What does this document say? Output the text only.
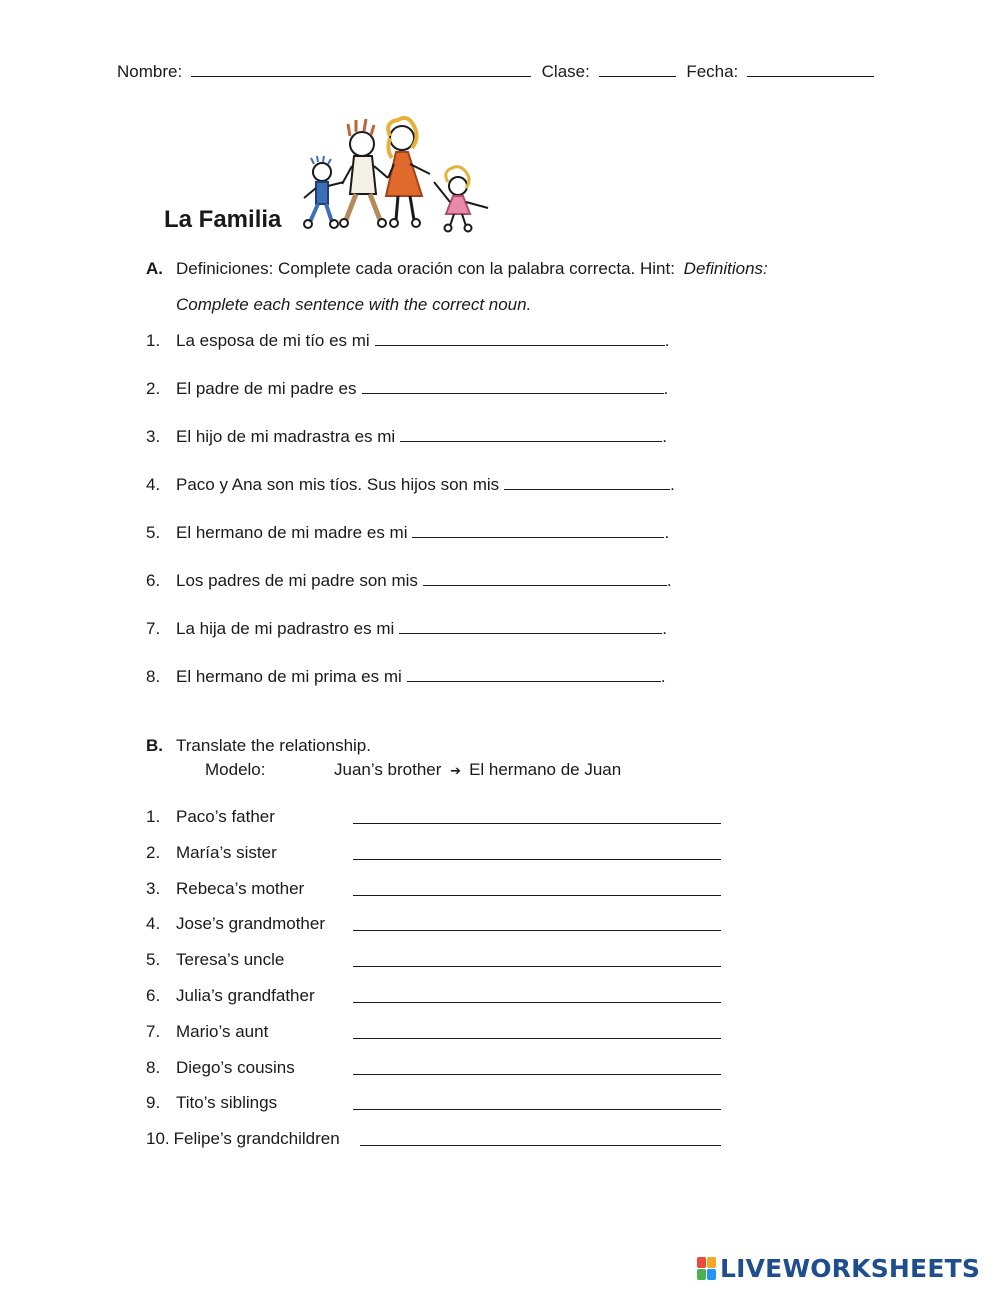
Nombre:	Clase:	Fecha:
La Familia
A. Definiciones: Complete cada oración con la palabra correcta. Hint: Definitions:
Complete each sentence with the correct noun.
1. La esposa de mi tío es mi	.
2. El padre de mi padre es	.
3. El hijo de mi madrastra es mi	.
4. Paco y Ana son mis tíos. Sus hijos son mis	.
5. El hermano de mi madre es mi	.
6. Los padres de mi padre son mis	.
7. La hija de mi padrastro es mi	.
8. El hermano de mi prima es mi	.
B. Translate the relationship.
Modelo:	Juan’s brother ➔ El hermano de Juan
1. Paco’s father
2. María’s sister
3. Rebeca’s mother
4. Jose’s grandmother
5. Teresa’s uncle
6. Julia’s grandfather
7. Mario’s aunt
8. Diego’s cousins
9. Tito’s siblings
10. Felipe’s grandchildren
LIVEWORKSHEETS
